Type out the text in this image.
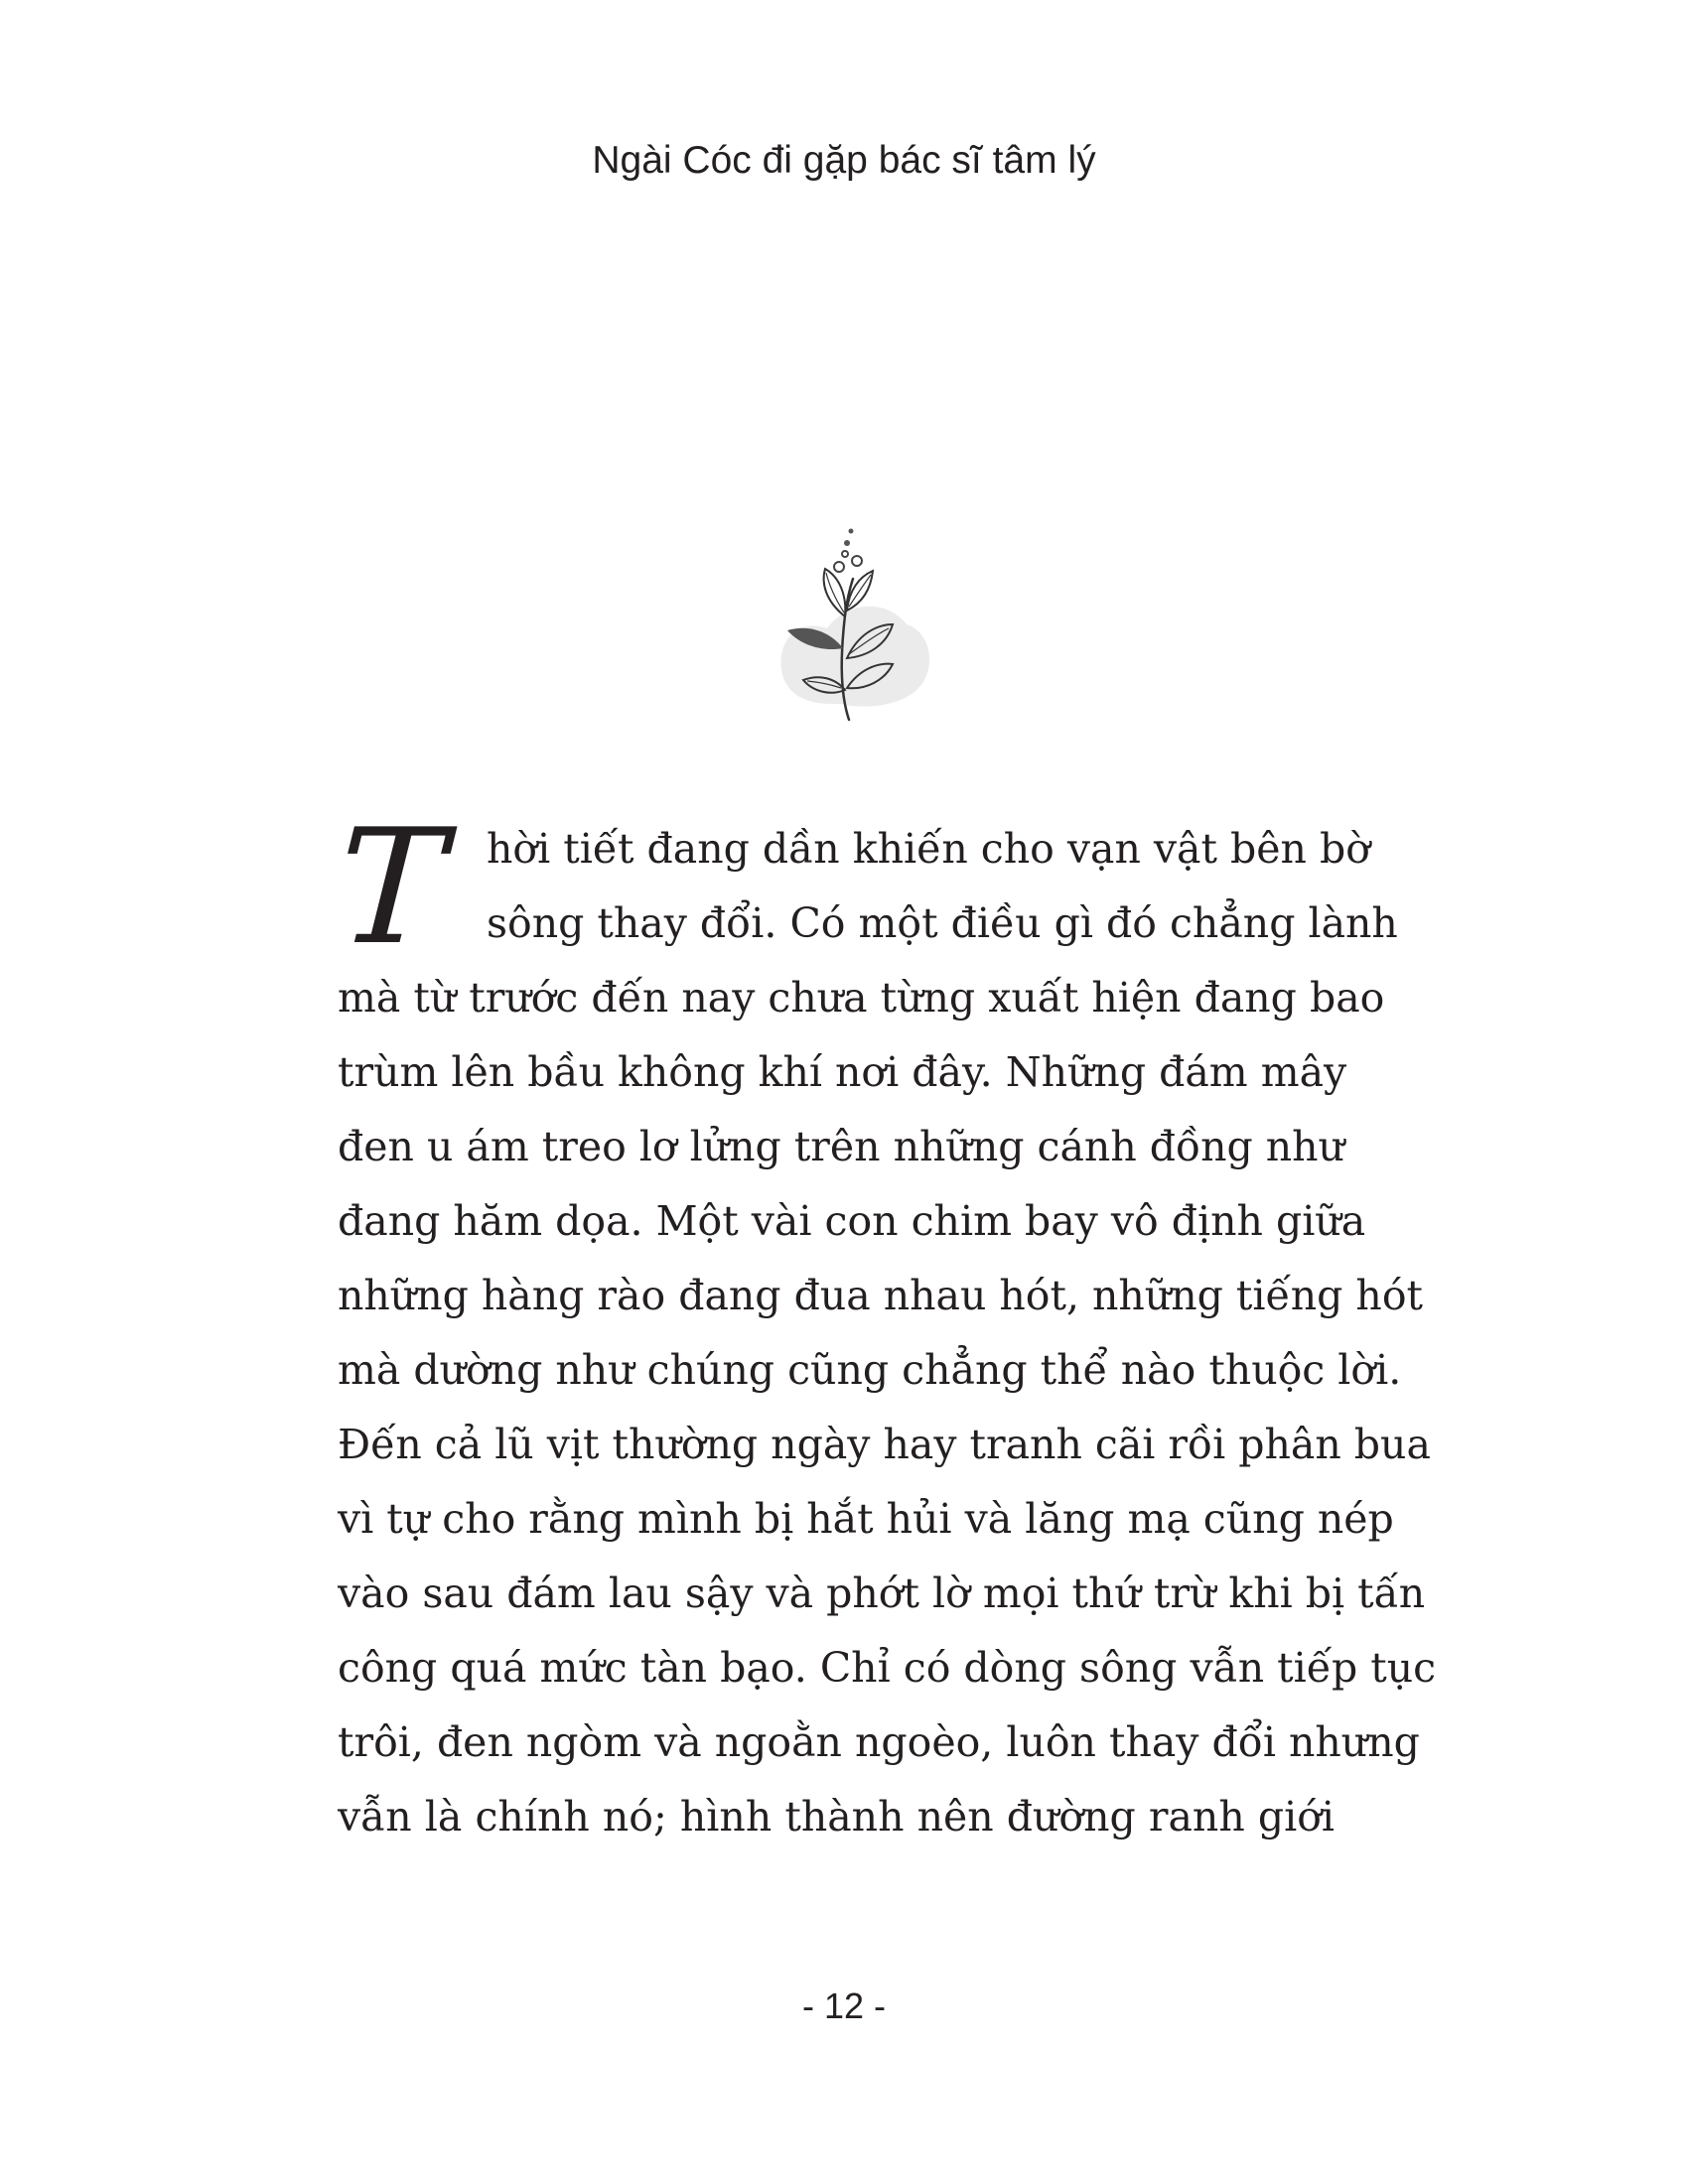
Ngài Cóc đi gặp bác sĩ tâm lý
T hời tiết đang dần khiến cho vạn vật bên bờ
sông thay đổi. Có một điều gì đó chẳng lành
mà từ trước đến nay chưa từng xuất hiện đang bao
trùm lên bầu không khí nơi đây. Những đám mây
đen u ám treo lơ lửng trên những cánh đồng như
đang hăm dọa. Một vài con chim bay vô định giữa
những hàng rào đang đua nhau hót, những tiếng hót
mà dường như chúng cũng chẳng thể nào thuộc lời.
Đến cả lũ vịt thường ngày hay tranh cãi rồi phân bua
vì tự cho rằng mình bị hắt hủi và lăng mạ cũng nép
vào sau đám lau sậy và phớt lờ mọi thứ trừ khi bị tấn
công quá mức tàn bạo. Chỉ có dòng sông vẫn tiếp tục
trôi, đen ngòm và ngoằn ngoèo, luôn thay đổi nhưng
vẫn là chính nó; hình thành nên đường ranh giới
- 12 -
